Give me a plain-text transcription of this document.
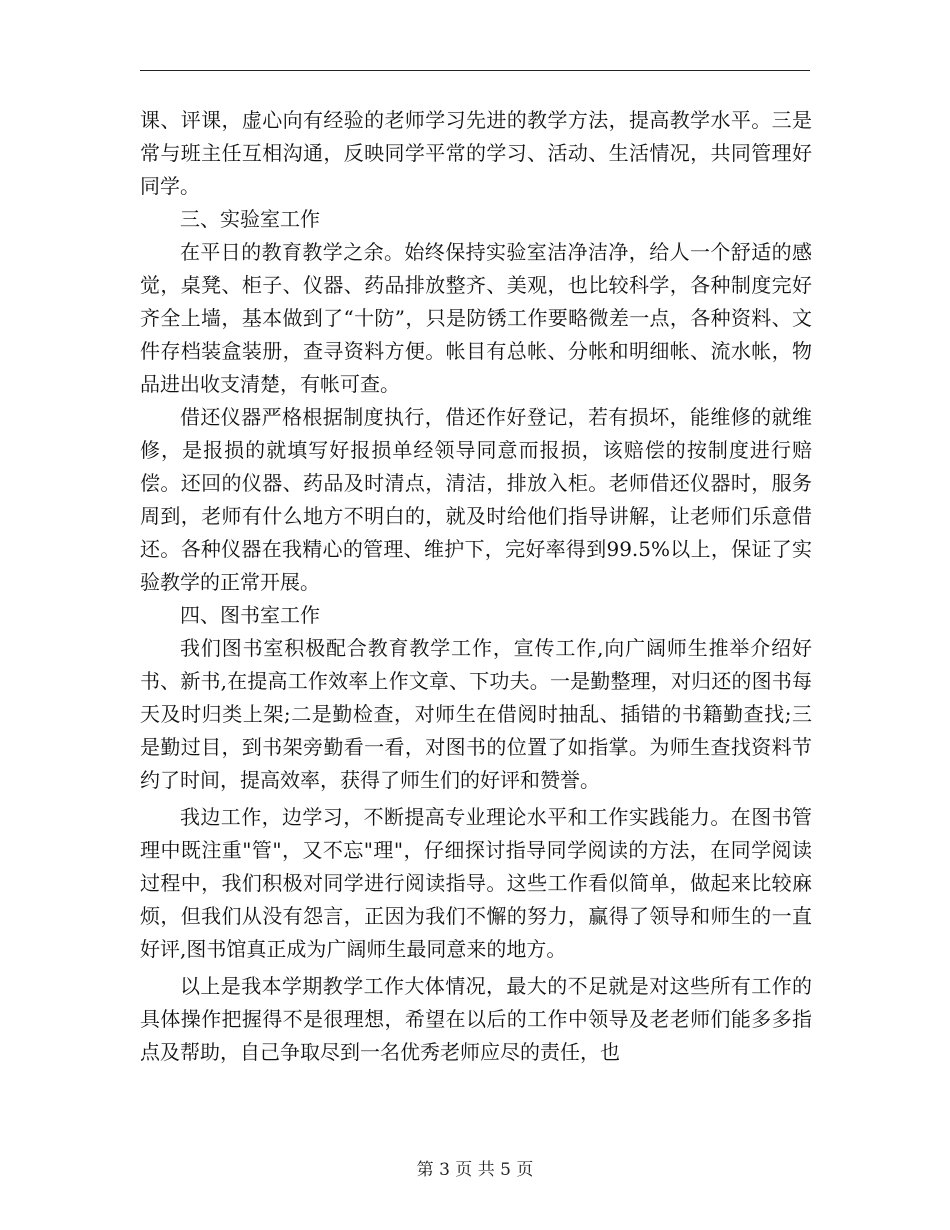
课、评课，虚心向有经验的老师学习先进的教学方法，提高教学水平。三是常与班主任互相沟通，反映同学平常的学习、活动、生活情况，共同管理好同学。

三、实验室工作

在平日的教育教学之余。始终保持实验室洁净洁净，给人一个舒适的感觉，桌凳、柜子、仪器、药品排放整齐、美观，也比较科学，各种制度完好齐全上墙，基本做到了“十防”，只是防锈工作要略微差一点，各种资料、文件存档装盒装册，查寻资料方便。帐目有总帐、分帐和明细帐、流水帐，物品进出收支清楚，有帐可查。

借还仪器严格根据制度执行，借还作好登记，若有损坏，能维修的就维修，是报损的就填写好报损单经领导同意而报损，该赔偿的按制度进行赔偿。还回的仪器、药品及时清点，清洁，排放入柜。老师借还仪器时，服务周到，老师有什么地方不明白的，就及时给他们指导讲解，让老师们乐意借还。各种仪器在我精心的管理、维护下，完好率得到99.5%以上，保证了实验教学的正常开展。

四、图书室工作

我们图书室积极配合教育教学工作，宣传工作,向广阔师生推举介绍好书、新书,在提高工作效率上作文章、下功夫。一是勤整理，对归还的图书每天及时归类上架;二是勤检查，对师生在借阅时抽乱、插错的书籍勤查找;三是勤过目，到书架旁勤看一看，对图书的位置了如指掌。为师生查找资料节约了时间，提高效率，获得了师生们的好评和赞誉。

我边工作，边学习，不断提高专业理论水平和工作实践能力。在图书管理中既注重"管"，又不忘"理"，仔细探讨指导同学阅读的方法，在同学阅读过程中，我们积极对同学进行阅读指导。这些工作看似简单，做起来比较麻烦，但我们从没有怨言，正因为我们不懈的努力，赢得了领导和师生的一直好评,图书馆真正成为广阔师生最同意来的地方。

以上是我本学期教学工作大体情况，最大的不足就是对这些所有工作的具体操作把握得不是很理想，希望在以后的工作中领导及老老师们能多多指点及帮助，自己争取尽到一名优秀老师应尽的责任，也

第 3 页 共 5 页
